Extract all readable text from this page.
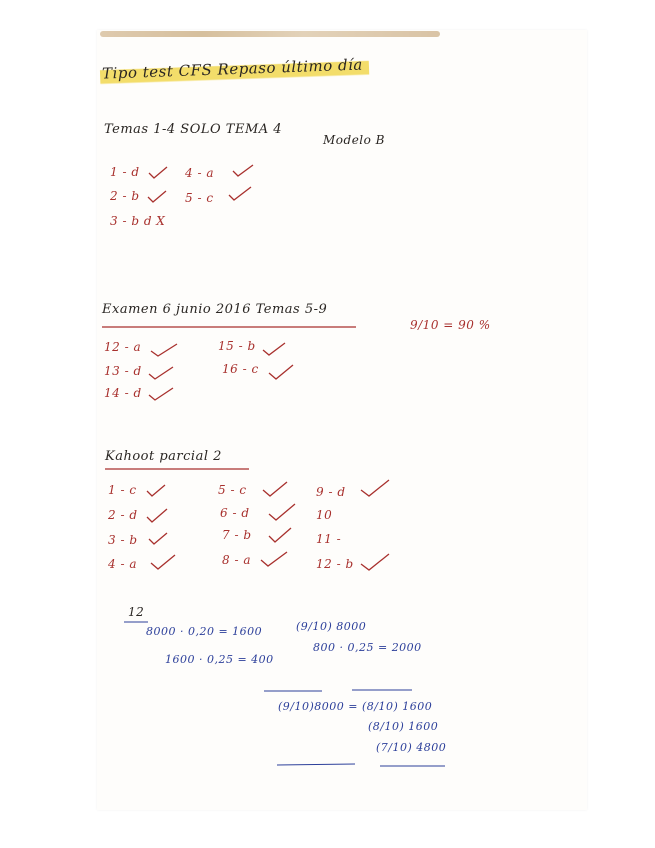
Tipo test CFS Repaso último día
Temas 1-4 SOLO TEMA 4
Modelo B
1 - d	4 - a
2 - b	5 - c
3 - b d X
Examen 6 junio 2016 Temas 5-9
9/10 = 90 %
12 - a	15 - b
13 - d	16 - c
14 - d
Kahoot parcial 2
1 - c	5 - c	9 - d
2 - d	6 - d	10
3 - b	7 - b	11 -
4 - a	8 - a	12 - b
12
8000 · 0,20 = 1600	(9/10) 8000
1600 · 0,25 = 400
800 · 0,25 = 2000
(9/10)8000 = (8/10) 1600
(8/10) 1600
(7/10) 4800
